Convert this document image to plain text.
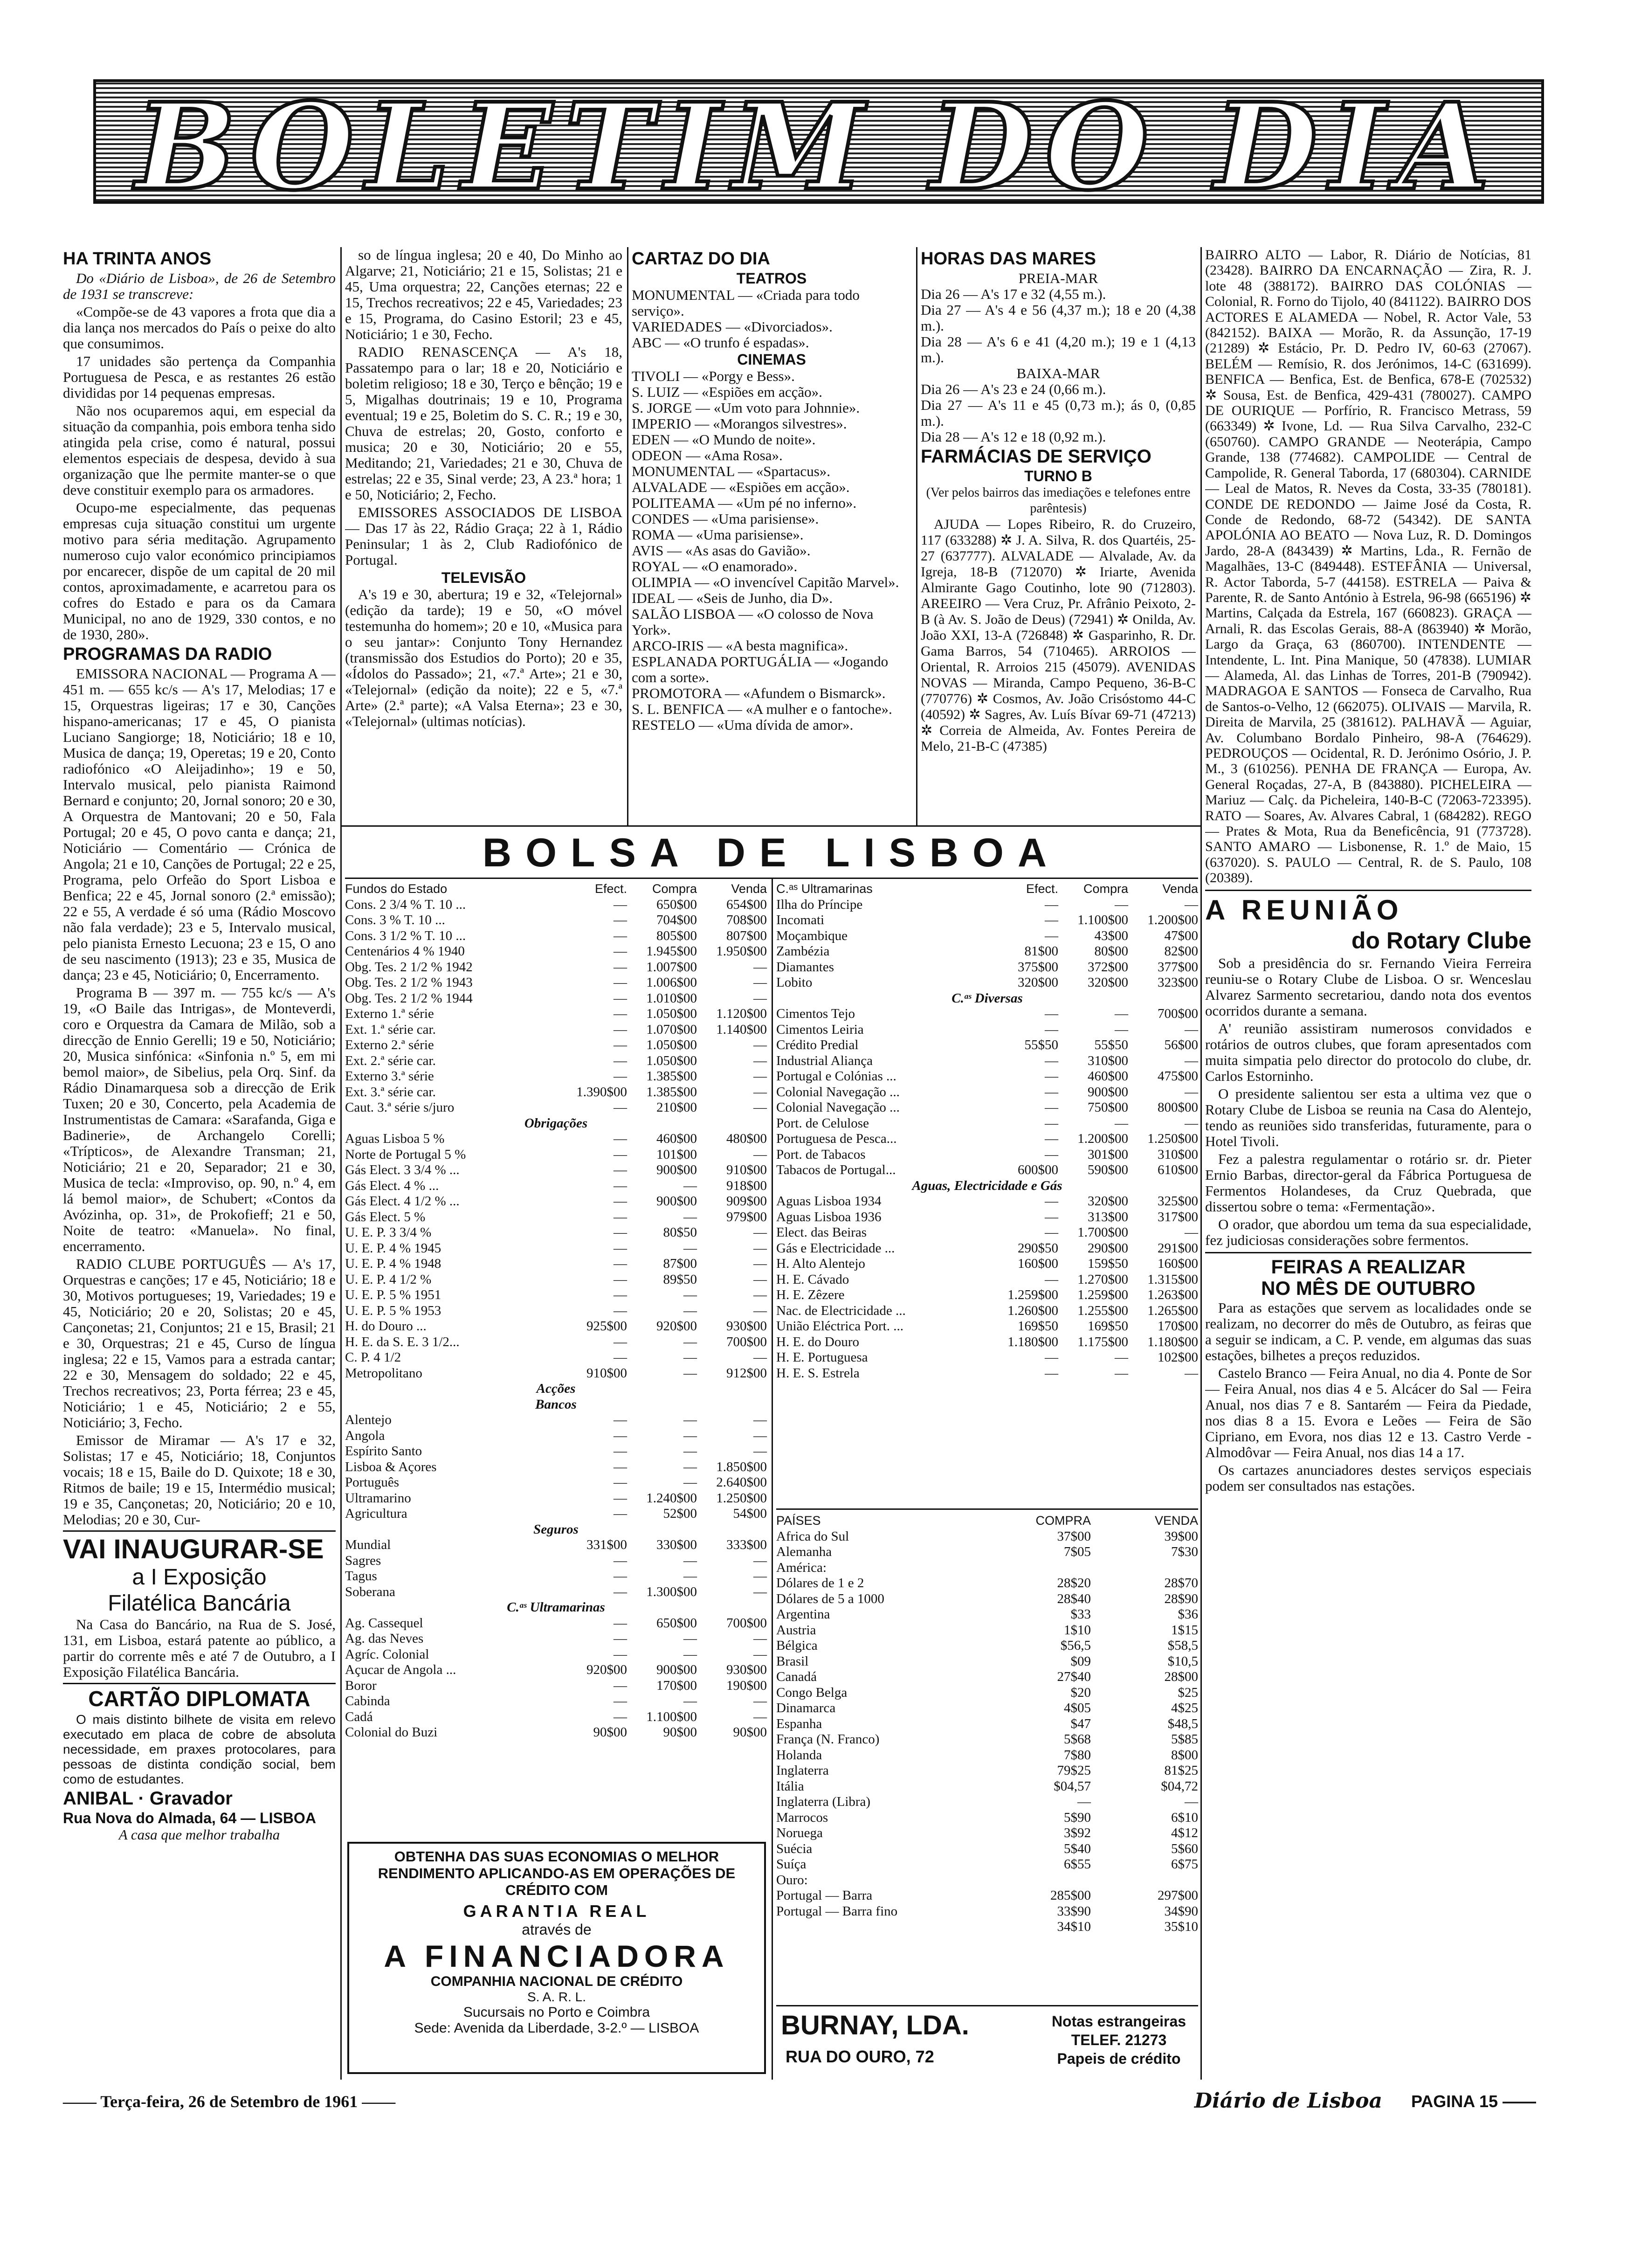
BOLETIM DO DIA
HA TRINTA ANOS

Do «Diário de Lisboa», de 26 de Setembro de 1931 se transcreve:

«Compõe-se de 43 vapores a frota que dia a dia lança nos mercados do País o peixe do alto que consumimos.

17 unidades são pertença da Companhia Portuguesa de Pesca, e as restantes 26 estão divididas por 14 pequenas empresas.

Não nos ocuparemos aqui, em especial da situação da companhia, pois embora tenha sido atingida pela crise, como é natural, possui elementos especiais de despesa, devido à sua organização que lhe permite manter-se o que deve constituir exemplo para os armadores.

Ocupo-me especialmente, das pequenas empresas cuja situação constitui um urgente motivo para séria meditação. Agrupamento numeroso cujo valor económico principiamos por encarecer, dispõe de um capital de 20 mil contos, aproximadamente, e acarretou para os cofres do Estado e para os da Camara Municipal, no ano de 1929, 330 contos, e no de 1930, 280».

PROGRAMAS DA RADIO

EMISSORA NACIONAL — Programa A — 451 m. — 655 kc/s — A's 17, Melodias; 17 e 15, Orquestras ligeiras; 17 e 30, Canções hispano-americanas; 17 e 45, O pianista Luciano Sangiorge; 18, Noticiário; 18 e 10, Musica de dança; 19, Operetas; 19 e 20, Conto radiofónico «O Aleijadinho»; 19 e 50, Intervalo musical, pelo pianista Raimond Bernard e conjunto; 20, Jornal sonoro; 20 e 30, A Orquestra de Mantovani; 20 e 50, Fala Portugal; 20 e 45, O povo canta e dança; 21, Noticiário — Comentário — Crónica de Angola; 21 e 10, Canções de Portugal; 22 e 25, Programa, pelo Orfeão do Sport Lisboa e Benfica; 22 e 45, Jornal sonoro (2.ª emissão); 22 e 55, A verdade é só uma (Rádio Moscovo não fala verdade); 23 e 5, Intervalo musical, pelo pianista Ernesto Lecuona; 23 e 15, O ano de seu nascimento (1913); 23 e 35, Musica de dança; 23 e 45, Noticiário; 0, Encerramento.

Programa B — 397 m. — 755 kc/s — A's 19, «O Baile das Intrigas», de Monteverdi, coro e Orquestra da Camara de Milão, sob a direcção de Ennio Gerelli; 19 e 50, Noticiário; 20, Musica sinfónica: «Sinfonia n.º 5, em mi bemol maior», de Sibelius, pela Orq. Sinf. da Rádio Dinamarquesa sob a direcção de Erik Tuxen; 20 e 30, Concerto, pela Academia de Instrumentistas de Camara: «Sarafanda, Giga e Badinerie», de Archangelo Corelli; «Trípticos», de Alexandre Transman; 21, Noticiário; 21 e 20, Separador; 21 e 30, Musica de tecla: «Improviso, op. 90, n.º 4, em lá bemol maior», de Schubert; «Contos da Avózinha, op. 31», de Prokofieff; 21 e 50, Noite de teatro: «Manuela». No final, encerramento.

RADIO CLUBE PORTUGUÊS — A's 17, Orquestras e canções; 17 e 45, Noticiário; 18 e 30, Motivos portugueses; 19, Variedades; 19 e 45, Noticiário; 20 e 20, Solistas; 20 e 45, Cançonetas; 21, Conjuntos; 21 e 15, Brasil; 21 e 30, Orquestras; 21 e 45, Curso de língua inglesa; 22 e 15, Vamos para a estrada cantar; 22 e 30, Mensagem do soldado; 22 e 45, Trechos recreativos; 23, Porta férrea; 23 e 45, Noticiário; 1 e 45, Noticiário; 2 e 55, Noticiário; 3, Fecho.

Emissor de Miramar — A's 17 e 32, Solistas; 17 e 45, Noticiário; 18, Conjuntos vocais; 18 e 15, Baile do D. Quixote; 18 e 30, Ritmos de baile; 19 e 15, Intermédio musical; 19 e 35, Cançonetas; 20, Noticiário; 20 e 10, Melodias; 20 e 30, Cur-

VAI INAUGURAR-SE
a I Exposição
Filatélica Bancária

Na Casa do Bancário, na Rua de S. José, 131, em Lisboa, estará patente ao público, a partir do corrente mês e até 7 de Outubro, a I Exposição Filatélica Bancária.

CARTÃO DIPLOMATA

O mais distinto bilhete de visita em relevo executado em placa de cobre de absoluta necessidade, em praxes protocolares, para pessoas de distinta condição social, bem como de estudantes.

ANIBAL · Gravador
Rua Nova do Almada, 64 — LISBOA
A casa que melhor trabalha

so de língua inglesa; 20 e 40, Do Minho ao Algarve; 21, Noticiário; 21 e 15, Solistas; 21 e 45, Uma orquestra; 22, Canções eternas; 22 e 15, Trechos recreativos; 22 e 45, Variedades; 23 e 15, Programa, do Casino Estoril; 23 e 45, Noticiário; 1 e 30, Fecho.

RADIO RENASCENÇA — A's 18, Passatempo para o lar; 18 e 20, Noticiário e boletim religioso; 18 e 30, Terço e bênção; 19 e 5, Migalhas doutrinais; 19 e 10, Programa eventual; 19 e 25, Boletim do S. C. R.; 19 e 30, Chuva de estrelas; 20, Gosto, conforto e musica; 20 e 30, Noticiário; 20 e 55, Meditando; 21, Variedades; 21 e 30, Chuva de estrelas; 22 e 35, Sinal verde; 23, A 23.ª hora; 1 e 50, Noticiário; 2, Fecho.

EMISSORES ASSOCIADOS DE LISBOA — Das 17 às 22, Rádio Graça; 22 à 1, Rádio Peninsular; 1 às 2, Club Radiofónico de Portugal.

TELEVISÃO

A's 19 e 30, abertura; 19 e 32, «Telejornal» (edição da tarde); 19 e 50, «O móvel testemunha do homem»; 20 e 10, «Musica para o seu jantar»: Conjunto Tony Hernandez (transmissão dos Estudios do Porto); 20 e 35, «Ídolos do Passado»; 21, «7.ª Arte»; 21 e 30, «Telejornal» (edição da noite); 22 e 5, «7.ª Arte» (2.ª parte); «A Valsa Eterna»; 23 e 30, «Telejornal» (ultimas notícias).

CARTAZ DO DIA
TEATROS
MONUMENTAL — «Criada para todo serviço».
VARIEDADES — «Divorciados».
ABC — «O trunfo é espadas».
CINEMAS
TIVOLI — «Porgy e Bess».
S. LUIZ — «Espiões em acção».
S. JORGE — «Um voto para Johnnie».
IMPERIO — «Morangos silvestres».
EDEN — «O Mundo de noite».
ODEON — «Ama Rosa».
MONUMENTAL — «Spartacus».
ALVALADE — «Espiões em acção».
POLITEAMA — «Um pé no inferno».
CONDES — «Uma parisiense».
ROMA — «Uma parisiense».
AVIS — «As asas do Gavião».
ROYAL — «O enamorado».
OLIMPIA — «O invencível Capitão Marvel».
IDEAL — «Seis de Junho, dia D».
SALÃO LISBOA — «O colosso de Nova York».
ARCO-IRIS — «A besta magnifica».
ESPLANADA PORTUGÁLIA — «Jogando com a sorte».
PROMOTORA — «Afundem o Bismarck».
S. L. BENFICA — «A mulher e o fantoche».
RESTELO — «Uma dívida de amor».
HORAS DAS MARES
PREIA-MAR
Dia 26 — A's 17 e 32 (4,55 m.).
Dia 27 — A's 4 e 56 (4,37 m.); 18 e 20 (4,38 m.).
Dia 28 — A's 6 e 41 (4,20 m.); 19 e 1 (4,13 m.).
BAIXA-MAR
Dia 26 — A's 23 e 24 (0,66 m.).
Dia 27 — A's 11 e 45 (0,73 m.); ás 0, (0,85 m.).
Dia 28 — A's 12 e 18 (0,92 m.).
FARMÁCIAS DE SERVIÇO
TURNO B
(Ver pelos bairros das imediações e telefones entre parêntesis)

AJUDA — Lopes Ribeiro, R. do Cruzeiro, 117 (633288) ✲ J. A. Silva, R. dos Quartéis, 25-27 (637777). ALVALADE — Alvalade, Av. da Igreja, 18-B (712070) ✲ Iriarte, Avenida Almirante Gago Coutinho, lote 90 (712803). AREEIRO — Vera Cruz, Pr. Afrânio Peixoto, 2-B (à Av. S. João de Deus) (72941) ✲ Onilda, Av. João XXI, 13-A (726848) ✲ Gasparinho, R. Dr. Gama Barros, 54 (710465). ARROIOS — Oriental, R. Arroios 215 (45079). AVENIDAS NOVAS — Miranda, Campo Pequeno, 36-B-C (770776) ✲ Cosmos, Av. João Crisóstomo 44-C (40592) ✲ Sagres, Av. Luís Bívar 69-71 (47213) ✲ Correia de Almeida, Av. Fontes Pereira de Melo, 21-B-C (47385)

BAIRRO ALTO — Labor, R. Diário de Notícias, 81 (23428). BAIRRO DA ENCARNAÇÃO — Zira, R. J. lote 48 (388172). BAIRRO DAS COLÓNIAS — Colonial, R. Forno do Tijolo, 40 (841122). BAIRRO DOS ACTORES E ALAMEDA — Nobel, R. Actor Vale, 53 (842152). BAIXA — Morão, R. da Assunção, 17-19 (21289) ✲ Estácio, Pr. D. Pedro IV, 60-63 (27067). BELÉM — Remísio, R. dos Jerónimos, 14-C (631699). BENFICA — Benfica, Est. de Benfica, 678-E (702532) ✲ Sousa, Est. de Benfica, 429-431 (780027). CAMPO DE OURIQUE — Porfírio, R. Francisco Metrass, 59 (663349) ✲ Ivone, Ld. — Rua Silva Carvalho, 232-C (650760). CAMPO GRANDE — Neoterápia, Campo Grande, 138 (774682). CAMPOLIDE — Central de Campolide, R. General Taborda, 17 (680304). CARNIDE — Leal de Matos, R. Neves da Costa, 33-35 (780181). CONDE DE REDONDO — Jaime José da Costa, R. Conde de Redondo, 68-72 (54342). DE SANTA APOLÓNIA AO BEATO — Nova Luz, R. D. Domingos Jardo, 28-A (843439) ✲ Martins, Lda., R. Fernão de Magalhães, 13-C (849448). ESTEFÂNIA — Universal, R. Actor Taborda, 5-7 (44158). ESTRELA — Paiva & Parente, R. de Santo António à Estrela, 96-98 (665196) ✲ Martins, Calçada da Estrela, 167 (660823). GRAÇA — Arnali, R. das Escolas Gerais, 88-A (863940) ✲ Morão, Largo da Graça, 63 (860700). INTENDENTE — Intendente, L. Int. Pina Manique, 50 (47838). LUMIAR — Alameda, Al. das Linhas de Torres, 201-B (790942). MADRAGOA E SANTOS — Fonseca de Carvalho, Rua de Santos-o-Velho, 12 (662075). OLIVAIS — Marvila, R. Direita de Marvila, 25 (381612). PALHAVÃ — Aguiar, Av. Columbano Bordalo Pinheiro, 98-A (764629). PEDROUÇOS — Ocidental, R. D. Jerónimo Osório, J. P. M., 3 (610256). PENHA DE FRANÇA — Europa, Av. General Roçadas, 27-A, B (843880). PICHELEIRA — Mariuz — Calç. da Picheleira, 140-B-C (72063-723395). RATO — Soares, Av. Alvares Cabral, 1 (684282). REGO — Prates & Mota, Rua da Beneficência, 91 (773728). SANTO AMARO — Lisbonense, R. 1.º de Maio, 15 (637020). S. PAULO — Central, R. de S. Paulo, 108 (20389).

A REUNIÃO
do Rotary Clube

Sob a presidência do sr. Fernando Vieira Ferreira reuniu-se o Rotary Clube de Lisboa. O sr. Wenceslau Alvarez Sarmento secretariou, dando nota dos eventos ocorridos durante a semana.

A' reunião assistiram numerosos convidados e rotários de outros clubes, que foram apresentados com muita simpatia pelo director do protocolo do clube, dr. Carlos Estorninho.

O presidente salientou ser esta a ultima vez que o Rotary Clube de Lisboa se reunia na Casa do Alentejo, tendo as reuniões sido transferidas, futuramente, para o Hotel Tivoli.

Fez a palestra regulamentar o rotário sr. dr. Pieter Ernio Barbas, director-geral da Fábrica Portuguesa de Fermentos Holandeses, da Cruz Quebrada, que dissertou sobre o tema: «Fermentação».

O orador, que abordou um tema da sua especialidade, fez judiciosas considerações sobre fermentos.

FEIRAS A REALIZAR
NO MÊS DE OUTUBRO

Para as estações que servem as localidades onde se realizam, no decorrer do mês de Outubro, as feiras que a seguir se indicam, a C. P. vende, em algumas das suas estações, bilhetes a preços reduzidos.

Castelo Branco — Feira Anual, no dia 4. Ponte de Sor — Feira Anual, nos dias 4 e 5. Alcácer do Sal — Feira Anual, nos dias 7 e 8. Santarém — Feira da Piedade, nos dias 8 a 15. Evora e Leões — Feira de São Cipriano, em Evora, nos dias 12 e 13. Castro Verde - Almodôvar — Feira Anual, nos dias 14 a 17.

Os cartazes anunciadores destes serviços especiais podem ser consultados nas estações.

BOLSA DE LISBOA
Fundos do Estado	Efect.	Compra	Venda
Cons. 2 3/4 % T. 10 ...	—	650$00	654$00
Cons. 3 % T. 10 ...	—	704$00	708$00
Cons. 3 1/2 % T. 10 ...	—	805$00	807$00
Centenários 4 % 1940	—	1.945$00	1.950$00
Obg. Tes. 2 1/2 % 1942	—	1.007$00	—
Obg. Tes. 2 1/2 % 1943	—	1.006$00	—
Obg. Tes. 2 1/2 % 1944	—	1.010$00	—
Externo 1.ª série	—	1.050$00	1.120$00
Ext. 1.ª série car.	—	1.070$00	1.140$00
Externo 2.ª série	—	1.050$00	—
Ext. 2.ª série car.	—	1.050$00	—
Externo 3.ª série	—	1.385$00	—
Ext. 3.ª série car.	1.390$00	1.385$00	—
Caut. 3.ª série s/juro	—	210$00	—
Obrigações
Aguas Lisboa 5 %	—	460$00	480$00
Norte de Portugal 5 %	—	101$00	—
Gás Elect. 3 3/4 % ...	—	900$00	910$00
Gás Elect. 4 % ...	—	—	918$00
Gás Elect. 4 1/2 % ...	—	900$00	909$00
Gás Elect. 5 %	—	—	979$00
U. E. P. 3 3/4 %	—	80$50	—
U. E. P. 4 % 1945	—	—	—
U. E. P. 4 % 1948	—	87$00	—
U. E. P. 4 1/2 %	—	89$50	—
U. E. P. 5 % 1951	—	—	—
U. E. P. 5 % 1953	—	—	—
H. do Douro ...	925$00	920$00	930$00
H. E. da S. E. 3 1/2...	—	—	700$00
C. P. 4 1/2	—	—	—
Metropolitano	910$00	—	912$00
Acções
Bancos
Alentejo	—	—	—
Angola	—	—	—
Espírito Santo	—	—	—
Lisboa & Açores	—	—	1.850$00
Português	—	—	2.640$00
Ultramarino	—	1.240$00	1.250$00
Agricultura	—	52$00	54$00
Seguros
Mundial	331$00	330$00	333$00
Sagres	—	—	—
Tagus	—	—	—
Soberana	—	1.300$00	—
C.ᵃˢ Ultramarinas
Ag. Cassequel	—	650$00	700$00
Ag. das Neves	—	—	—
Agríc. Colonial	—	—	—
Açucar de Angola ...	920$00	900$00	930$00
Boror	—	170$00	190$00
Cabinda	—	—	—
Cadá	—	1.100$00	—
Colonial do Buzi	90$00	90$00	90$00
C.ᵃˢ Ultramarinas	Efect.	Compra	Venda
Ilha do Príncipe	—	—	—
Incomati	—	1.100$00	1.200$00
Moçambique	—	43$00	47$00
Zambézia	81$00	80$00	82$00
Diamantes	375$00	372$00	377$00
Lobito	320$00	320$00	323$00
C.ᵃˢ Diversas
Cimentos Tejo	—	—	700$00
Cimentos Leiria	—	—	—
Crédito Predial	55$50	55$50	56$00
Industrial Aliança	—	310$00	—
Portugal e Colónias ...	—	460$00	475$00
Colonial Navegação ...	—	900$00	—
Colonial Navegação ...	—	750$00	800$00
Port. de Celulose	—	—	—
Portuguesa de Pesca...	—	1.200$00	1.250$00
Port. de Tabacos	—	301$00	310$00
Tabacos de Portugal...	600$00	590$00	610$00
Aguas, Electricidade e Gás
Aguas Lisboa 1934	—	320$00	325$00
Aguas Lisboa 1936	—	313$00	317$00
Elect. das Beiras	—	1.700$00	—
Gás e Electricidade ...	290$50	290$00	291$00
H. Alto Alentejo	160$00	159$50	160$00
H. E. Cávado	—	1.270$00	1.315$00
H. E. Zêzere	1.259$00	1.259$00	1.263$00
Nac. de Electricidade ...	1.260$00	1.255$00	1.265$00
União Eléctrica Port. ...	169$50	169$50	170$00
H. E. do Douro	1.180$00	1.175$00	1.180$00
H. E. Portuguesa	—	—	102$00
H. E. S. Estrela	—	—	—
PAÍSES	COMPRA	VENDA
Africa do Sul	37$00	39$00
Alemanha	7$05	7$30
América:
Dólares de 1 e 2	28$20	28$70
Dólares de 5 a 1000	28$40	28$90
Argentina	$33	$36
Austria	1$10	1$15
Bélgica	$56,5	$58,5
Brasil	$09	$10,5
Canadá	27$40	28$00
Congo Belga	$20	$25
Dinamarca	4$05	4$25
Espanha	$47	$48,5
França (N. Franco)	5$68	5$85
Holanda	7$80	8$00
Inglaterra	79$25	81$25
Itália	$04,57	$04,72
Inglaterra (Libra)	—	—
Marrocos	5$90	6$10
Noruega	3$92	4$12
Suécia	5$40	5$60
Suíça	6$55	6$75
Ouro:
Portugal — Barra	285$00	297$00
Portugal — Barra fino	33$90	34$90
34$10	35$10
OBTENHA DAS SUAS ECONOMIAS O MELHOR RENDIMENTO APLICANDO-AS EM OPERAÇÕES DE CRÉDITO COM
GARANTIA REAL
através de
A FINANCIADORA
COMPANHIA NACIONAL DE CRÉDITO
S. A. R. L.
Sucursais no Porto e Coimbra
Sede: Avenida da Liberdade, 3-2.º — LISBOA	BURNAY, LDA.
RUA DO OURO, 72
Notas estrangeiras
TELEF. 21273
Papeis de crédito
—— Terça-feira, 26 de Setembro de 1961 ——	Diário de Lisboa PAGINA 15 ——
